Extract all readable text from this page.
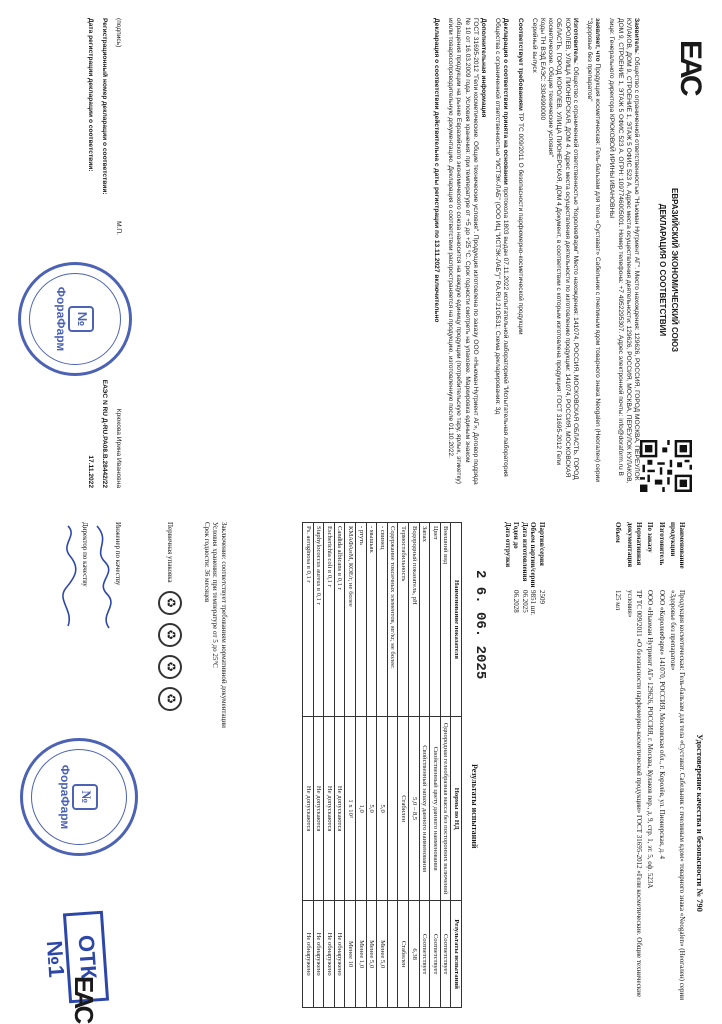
ЕАС
ЕВРАЗИЙСКИЙ ЭКОНОМИЧЕСКИЙ СОЮЗ
ДЕКЛАРАЦИЯ О СООТВЕТСТВИИ

Заявитель: Общество с ограниченной ответственностью "Нъюман Нутриент АГ". Место нахождения: 129626, РОССИЯ, ГОРОД МОСКВА, ПЕРЕУЛОК КУЛАКОВ, ДОМ 9, СТРОЕНИЕ 1, ЭТАЖ 5 ОФИС 523 А. Адрес места осуществления деятельности: 129626, РОССИЯ, МОСКВА, ПЕРЕУЛОК КУЛАКОВ, ДОМ 9, СТРОЕНИЕ 1, ЭТАЖ 5 ОФИС 523 А. ОГРН: 1097746005001. Номер телефона: +7 4952295307. Адрес электронной почты: info@doraform.ru В лице: Генерального директора КРЮКОВОЙ ИРИНЫ ИВАНОВНЫ

заявляет, что Продукция косметическая: Гель-бальзам для тела «Сустават» Сабельник с пчелиным ядом товарного знака Neogalen (Неогален) серии "Здоровье без препаратов"

Изготовитель: Общество с ограниченной ответственностью "КоролевФарм" Место нахождения: 141074, РОССИЯ, МОСКОВСКАЯ ОБЛАСТЬ, ГОРОД КОРОЛЕВ, УЛИЦА ПИОНЕРСКАЯ, ДОМ 4. Адрес места осуществления деятельности по изготовлению продукции: 141074, РОССИЯ, МОСКОВСКАЯ ОБЛАСТЬ, ГОРОД КОРОЛЕВ, УЛИЦА ПИОНЕРСКАЯ, ДОМ 4 Документ, в соответствии с которым изготовлена продукция: ГОСТ 31695-2012 Гели косметические. Общие технические условия"
Коды ТН ВЭД ЕАЭС: 3304990000
Серийный выпуск

Соответствует требованиям ТР ТС 009/2011 О безопасности парфюмерно-косметической продукции

Декларация о соответствии принята на основании протокола 1803 выдан 07.11.2022 испытательной лабораторией "Испытательная лаборатория Общества с ограниченной ответственностью "ИСТЭК-ЛАБ" (ООО ИЦ "ИСТЭК-ЛАБ")" RA.RU.21ОБ31; Схема декларирования: 3д

Дополнительная информация
ГОСТ 31695-2012 "Гели косметические. Общие технические условия". Продукция изготовлена по заказу ООО «Ньюман Нутриент АГ», Договор подряда № 10 от 16.03.2009 года. Условия хранения: при температуре от +5 до +25 °С. Срок годности смотреть на упаковке. Маркировка единым знаком обращения продукции на рынке Евразийского экономического союза наносится на каждую единицу продукции (потребительскую тару, ярлык, этикетку) и/или товаросопроводительную документацию. Декларация о соответствии распространяется на продукцию, изготовленную после 01.10.2022.

Декларация о соответствии действительна с даты регистрации по 13.11.2027 включительно

(подпись)
М.П.
Крюкова Ирина Ивановна
Регистрационный номер декларации о соответствии:
ЕАЭС N RU Д-RU.РА08.В.28442/22
Дата регистрации декларации о соответствии:
17.11.2022
№
ФораФарм
Удостоверение качества и безопасности № 790
Наименование продукции
Продукция косметическая: Гель-бальзам для тела «Сустават. Сабельник с пчелиным ядом» товарного знака «Neogalen» (Неогален) серии «Здоровье без препаратов»
Изготовитель
ООО «КоролевФарм» 141070, РОССИЯ, Московская обл., г. Королёв, ул. Пионерская, д. 4
По заказу
ООО «Нъюман Нутриент АГ» 129626, РОССИЯ, г. Москва, Кулаков пер., д. 9, стр. 1, эт. 5, оф. 523А
Нормативная документация
ТР ТС 009/2011 «О безопасности парфюмерно-косметической продукции» ГОСТ 31695-2012 «Гели косметические. Общие технические условия»
Объем
125 мл
Партия/серия
2509
Объем партии/серии
9851 шт.
Дата изготовления
06.2025
Годен до
06.2028
Дата отгрузки
2 6. 06. 2025
Результаты испытаний
Наименование показателя	Нормы по НД	Результаты испытаний
Внешний вид	Однородная гелеобразная масса без посторонних включений	Соответствует
Цвет	Свойственный цвету данного наименования	Соответствует
Запах	Свойственный запаху данного наименования	Соответствует
Водородный показатель, pH	5,0 – 8,5	6,38
Термостабильность	Стабилен	Стабилен
Содержание токсичных элементов, мг/кг, не более:		
- свинец	5,0	Менее 5,0
- мышьяк	5,0	Менее 5,0
- ртуть	1,0	Менее 1,0
КМАФАнМ, КОЕ/г, не более	1 х 10³	Менее 10
Candida albicans в 0,1 г	Не допускаются	Не обнаружено
Escherichia coli в 0,1 г	Не допускаются	Не обнаружено
Staphylococcus aureus в 0,1 г	Не допускаются	Не обнаружено
Ps. aeruginosa в 0,1 г	Не допускаются	Не обнаружено
Заключение: соответствует требованиям нормативной документации
Условия хранения: при температуре от 5 до 25°С
Срок годности: 36 месяцев
Первичная упаковка
♻
♻
♻
♻
Инженер по качеству
Директор по качеству
№
ФораФарм
ОТК №1
ЕАС
